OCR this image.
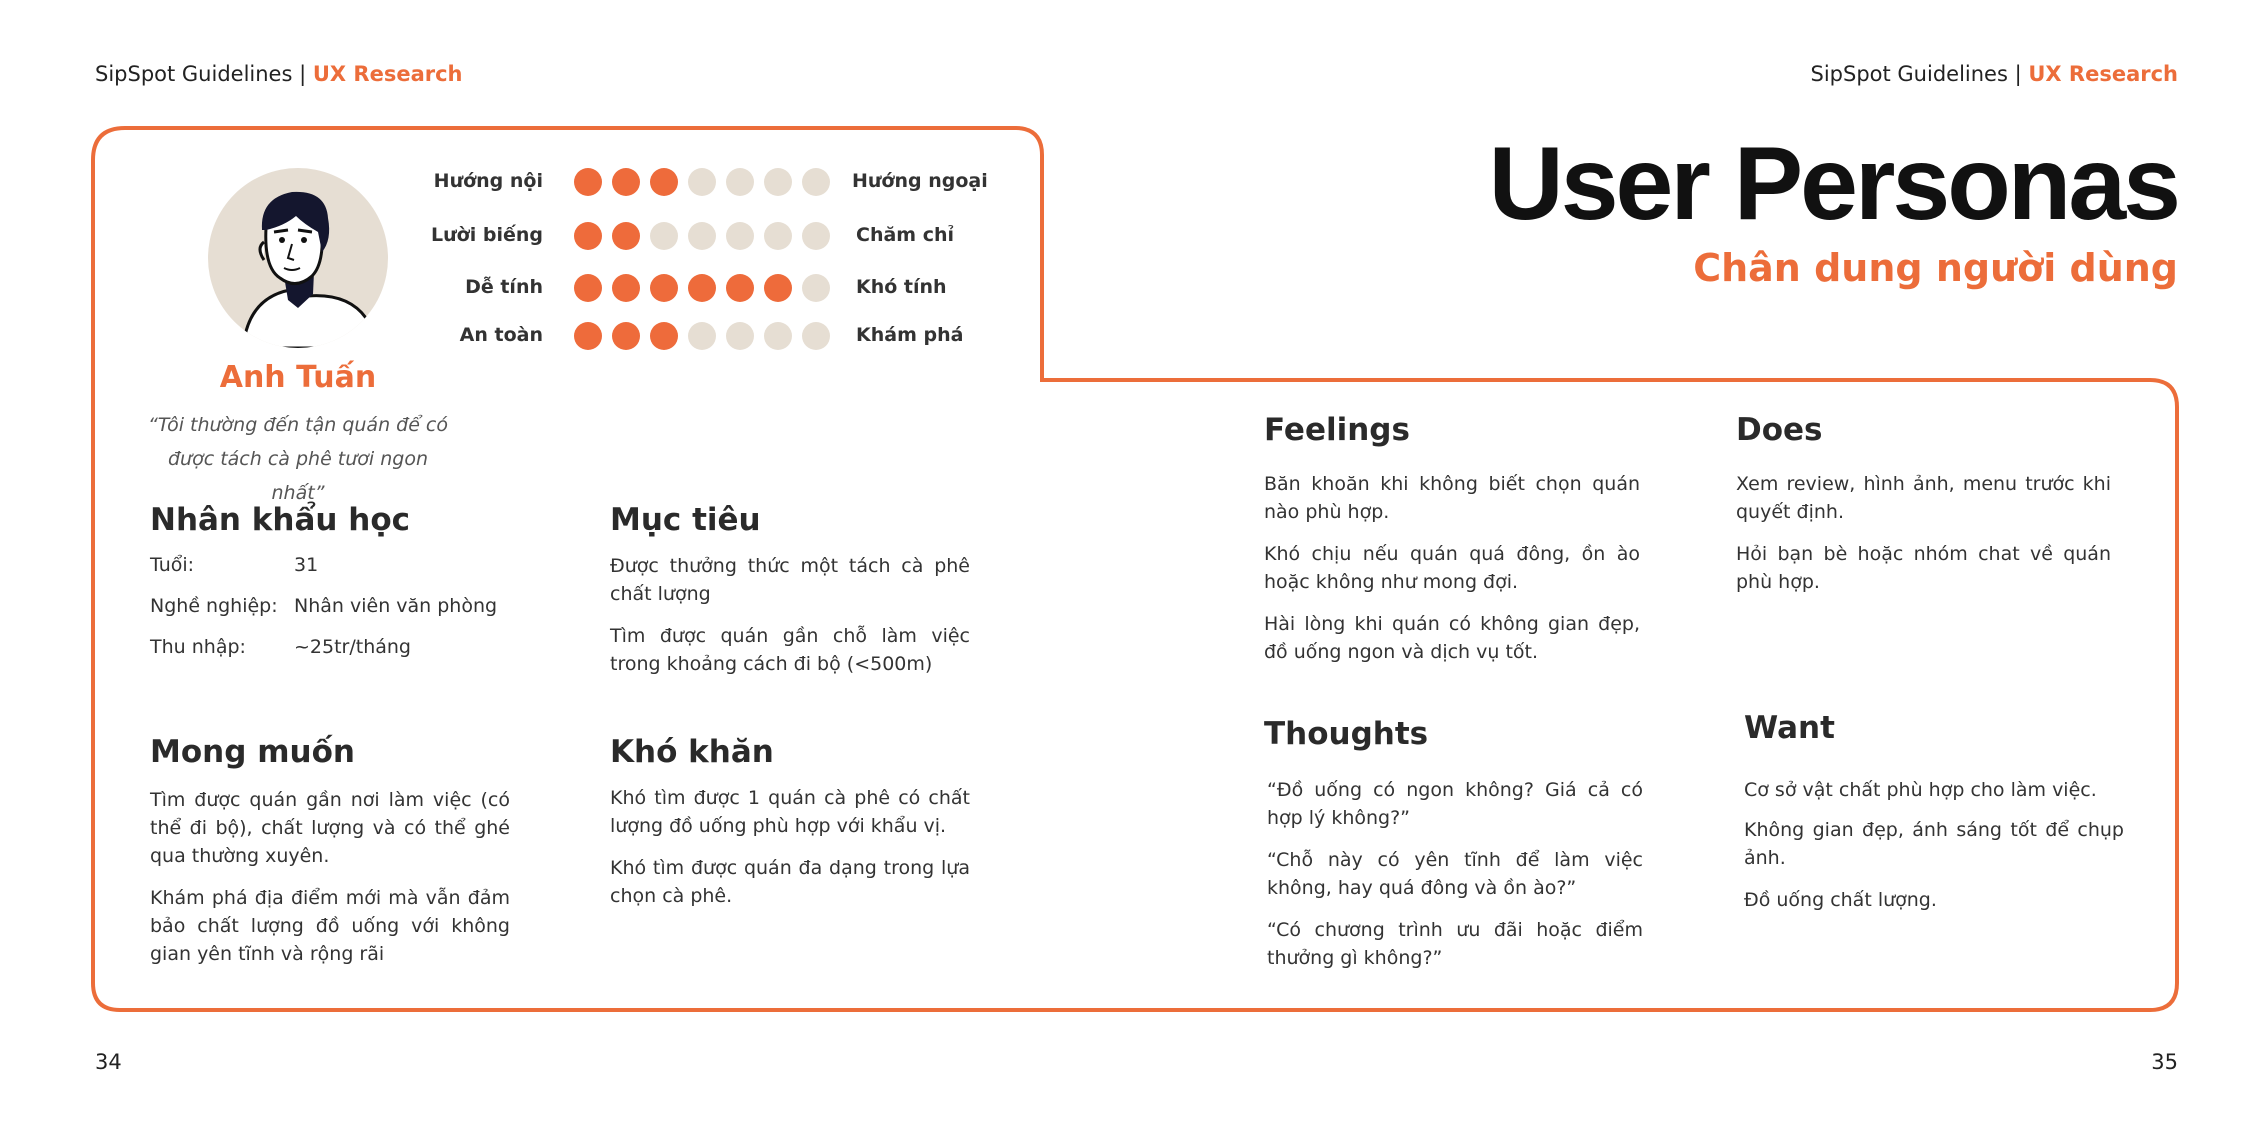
SipSpot Guidelines | UX Research	SipSpot Guidelines | UX Research
User Personas
Chân dung người dùng
Anh Tuấn
“Tôi thường đến tận quán để có
được tách cà phê tươi ngon nhất”
Hướng nội	Hướng ngoại
Lười biếng	Chăm chỉ
Dễ tính	Khó tính
An toàn	Khám phá
Nhân khẩu học
Tuổi:	31
Nghề nghiệp: Nhân viên văn phòng
Thu nhập:	~25tr/tháng
Mục tiêu

Được thưởng thức một tách cà phê chất lượng

Tìm được quán gần chỗ làm việc trong khoảng cách đi bộ (<500m)

Mong muốn

Tìm được quán gần nơi làm việc (có thể đi bộ), chất lượng và có thể ghé qua thường xuyên.

Khám phá địa điểm mới mà vẫn đảm bảo chất lượng đồ uống với không gian yên tĩnh và rộng rãi

Khó khăn

Khó tìm được 1 quán cà phê có chất lượng đồ uống phù hợp với khẩu vị.

Khó tìm được quán đa dạng trong lựa chọn cà phê.

Feelings

Băn khoăn khi không biết chọn quán nào phù hợp.

Khó chịu nếu quán quá đông, ồn ào hoặc không như mong đợi.

Hài lòng khi quán có không gian đẹp, đồ uống ngon và dịch vụ tốt.

Does

Xem review, hình ảnh, menu trước khi quyết định.

Hỏi bạn bè hoặc nhóm chat về quán phù hợp.

Thoughts

“Đồ uống có ngon không? Giá cả có hợp lý không?”

“Chỗ này có yên tĩnh để làm việc không, hay quá đông và ồn ào?”

“Có chương trình ưu đãi hoặc điểm thưởng gì không?”

Want

Cơ sở vật chất phù hợp cho làm việc.

Không gian đẹp, ánh sáng tốt để chụp ảnh.

Đồ uống chất lượng.

34	35
